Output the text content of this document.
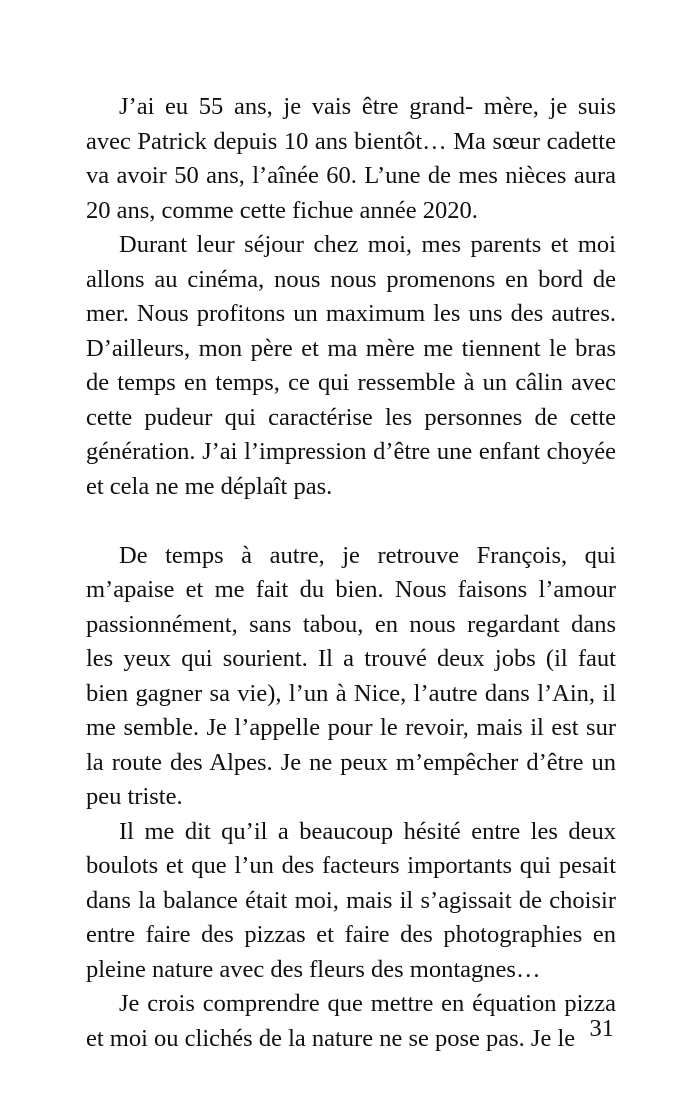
J’ai eu 55 ans, je vais être grand- mère, je suis avec Patrick depuis 10 ans bientôt… Ma sœur cadette va avoir 50 ans, l’aînée 60. L’une de mes nièces aura 20 ans, comme cette fichue année 2020.

Durant leur séjour chez moi, mes parents et moi allons au cinéma, nous nous promenons en bord de mer. Nous profitons un maximum les uns des autres. D’ailleurs, mon père et ma mère me tiennent le bras de temps en temps, ce qui ressemble à un câlin avec cette pudeur qui caractérise les personnes de cette génération. J’ai l’impression d’être une enfant choyée et cela ne me déplaît pas.

De temps à autre, je retrouve François, qui m’apaise et me fait du bien. Nous faisons l’amour passionnément, sans tabou, en nous regardant dans les yeux qui sourient. Il a trouvé deux jobs (il faut bien gagner sa vie), l’un à Nice, l’autre dans l’Ain, il me semble. Je l’appelle pour le revoir, mais il est sur la route des Alpes. Je ne peux m’empêcher d’être un peu triste.

Il me dit qu’il a beaucoup hésité entre les deux boulots et que l’un des facteurs importants qui pesait dans la balance était moi, mais il s’agissait de choisir entre faire des pizzas et faire des photographies en pleine nature avec des fleurs des montagnes…

Je crois comprendre que mettre en équation pizza et moi ou clichés de la nature ne se pose pas. Je le 31
